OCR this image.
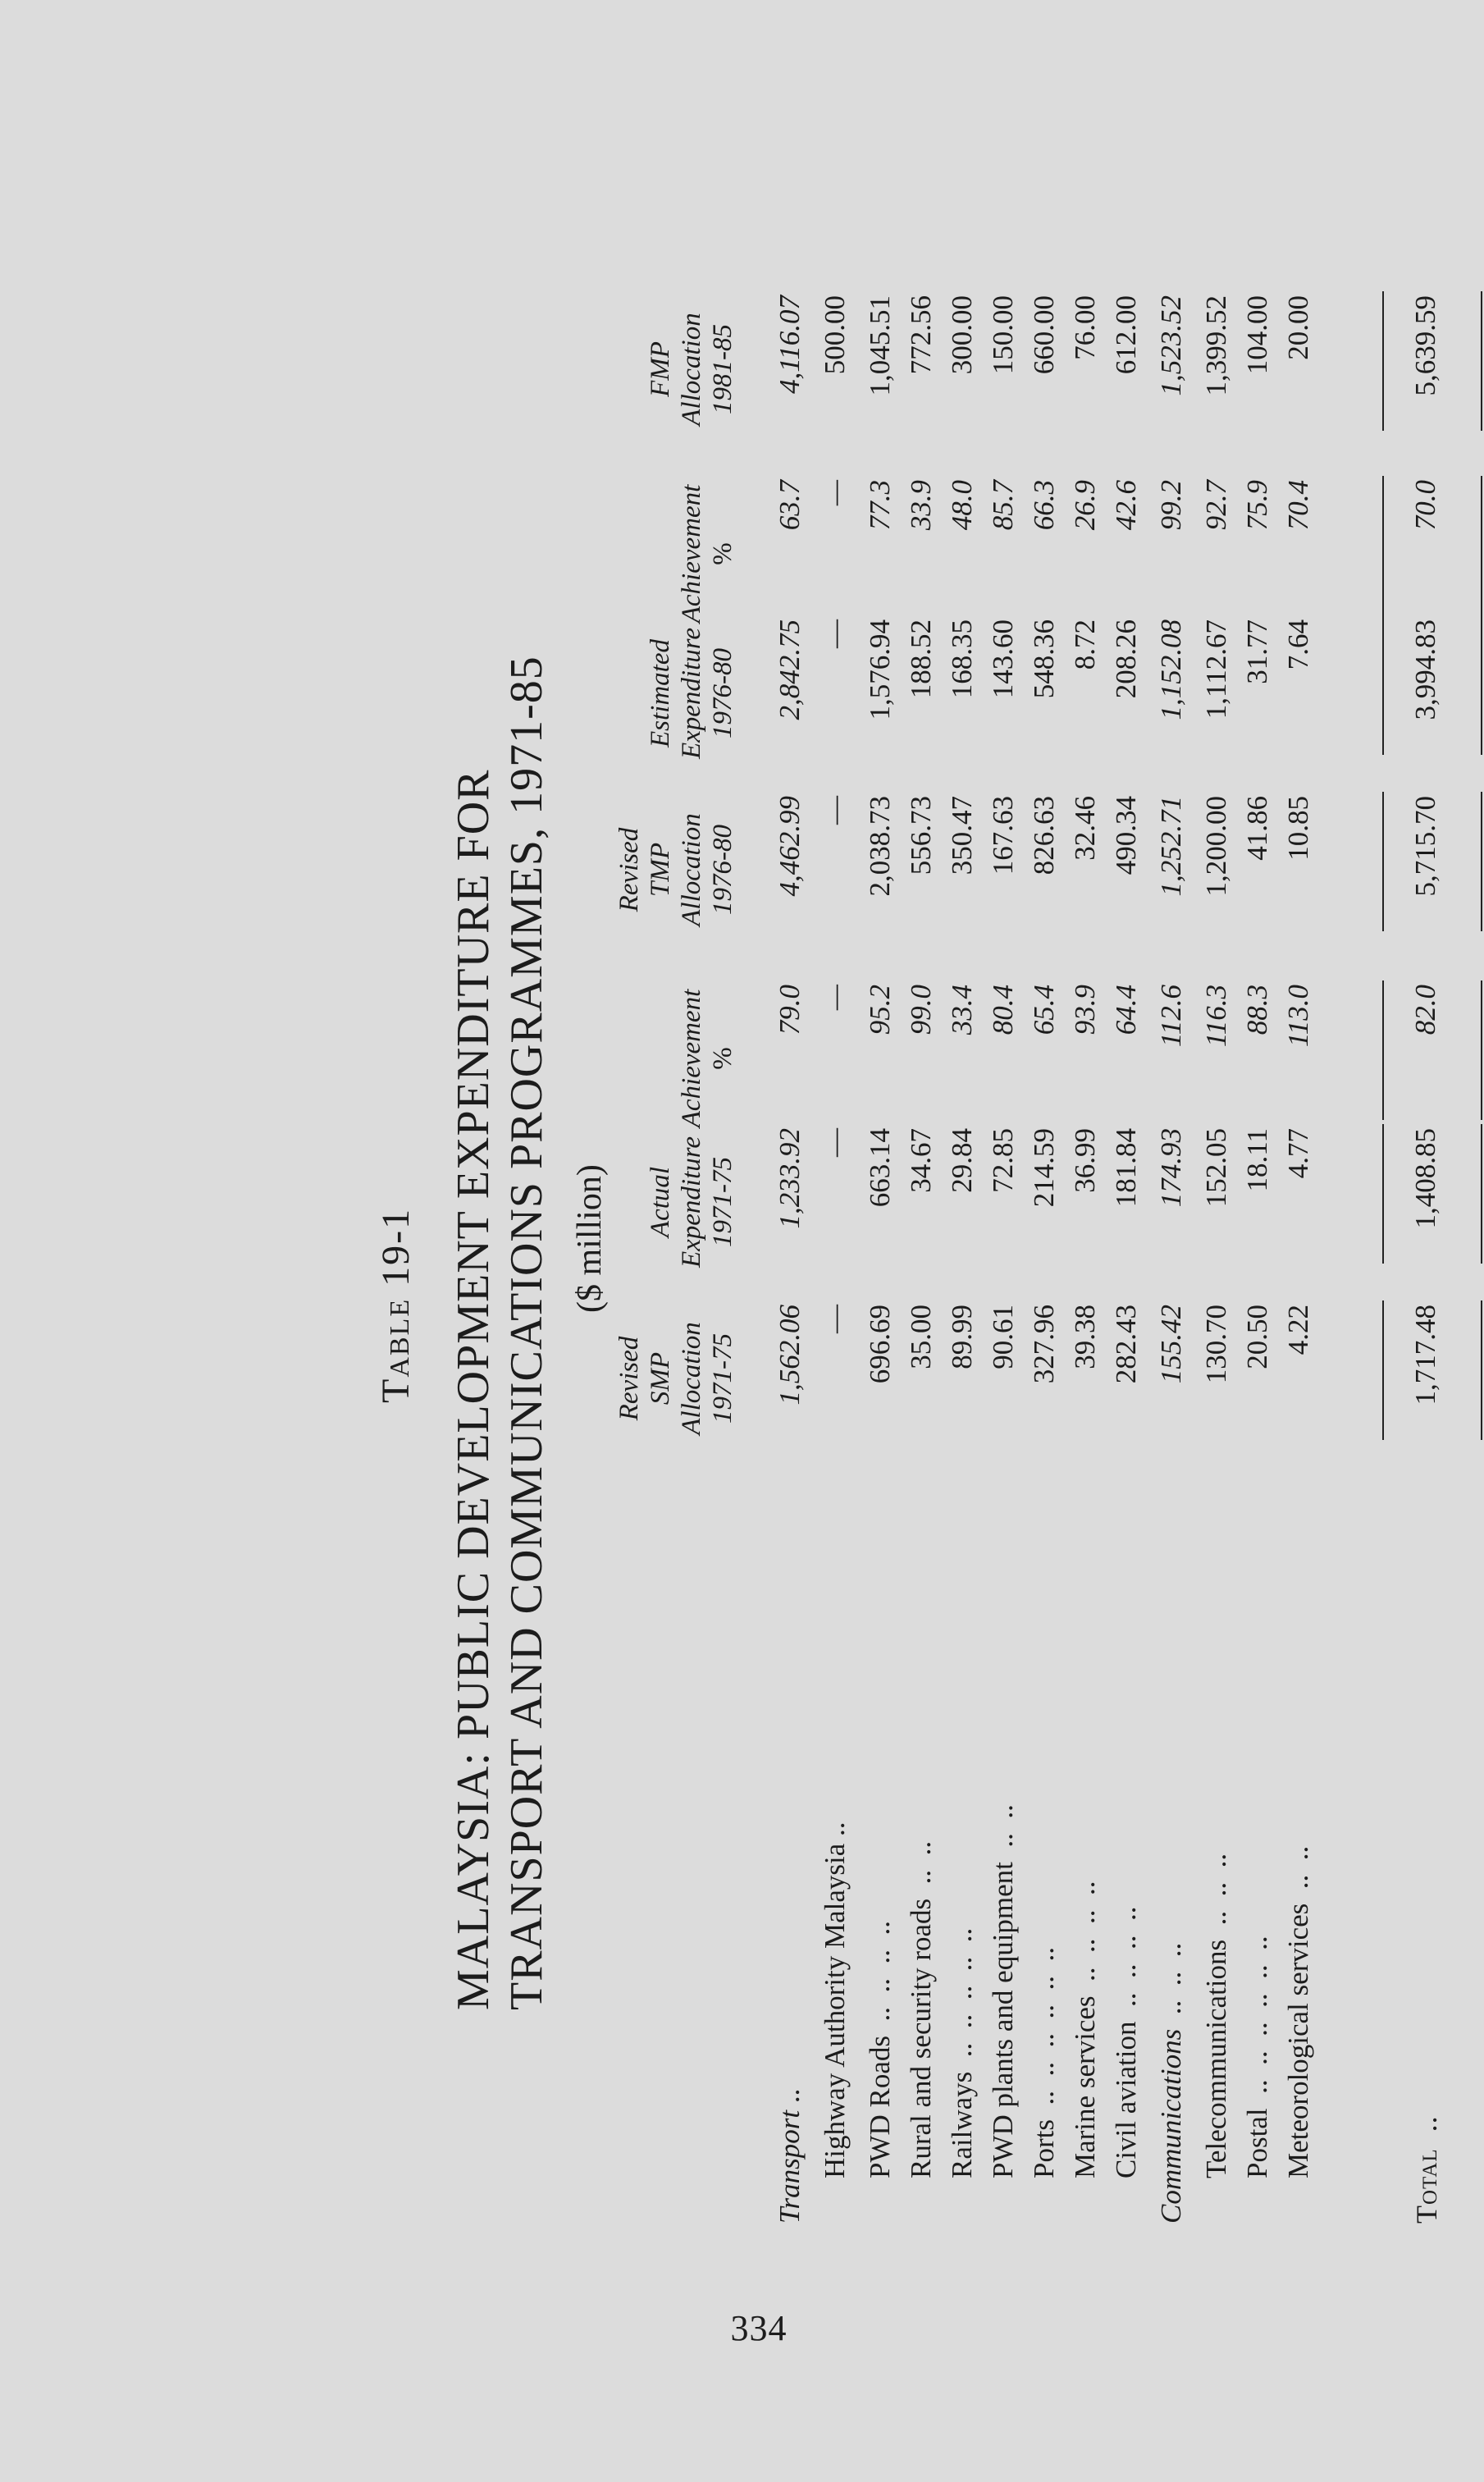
334
Table 19-1 MALAYSIA: PUBLIC DEVELOPMENT EXPENDITURE FOR TRANSPORT AND COMMUNICATIONS PROGRAMMES, 1971-85 ($ million)
Revised SMP Allocation 1971-75
Actual Expenditure 1971-75
Achievement %
Revised TMP Allocation 1976-80
Estimated Expenditure 1976-80
Achievement %
FMP Allocation 1981-85
Transport ..
1,562.06
1,233.92
79.0
4,462.99
2,842.75
63.7
4,116.07
Highway Authority Malaysia ..
—
—
—
—
—
—
500.00
PWD Roads  ..  ..  ..  ..
696.69
663.14
95.2
2,038.73
1,576.94
77.3
1,045.51
Rural and security roads  ..  ..
35.00
34.67
99.0
556.73
188.52
33.9
772.56
Railways  ..  ..  ..  ..  ..
89.99
29.84
33.4
350.47
168.35
48.0
300.00
PWD plants and equipment  ..  ..
90.61
72.85
80.4
167.63
143.60
85.7
150.00
Ports  ..  ..  ..  ..  ..  ..
327.96
214.59
65.4
826.63
548.36
66.3
660.00
Marine services  ..  ..  ..  ..
39.38
36.99
93.9
32.46
8.72
26.9
76.00
Civil aviation  ..  ..  ..  ..
282.43
181.84
64.4
490.34
208.26
42.6
612.00
Communications  ..  ..  ..
155.42
174.93
112.6
1,252.71
1,152.08
99.2
1,523.52
Telecommunications  ..  ..  ..
130.70
152.05
116.3
1,200.00
1,112.67
92.7
1,399.52
Postal  ..  ..  ..  ..  ..  ..
20.50
18.11
88.3
41.86
31.77
75.9
104.00
Meteorological services  ..  ..
4.22
4.77
113.0
10.85
7.64
70.4
20.00
Total  ..
1,717.48
1,408.85
82.0
5,715.70
3,994.83
70.0
5,639.59
